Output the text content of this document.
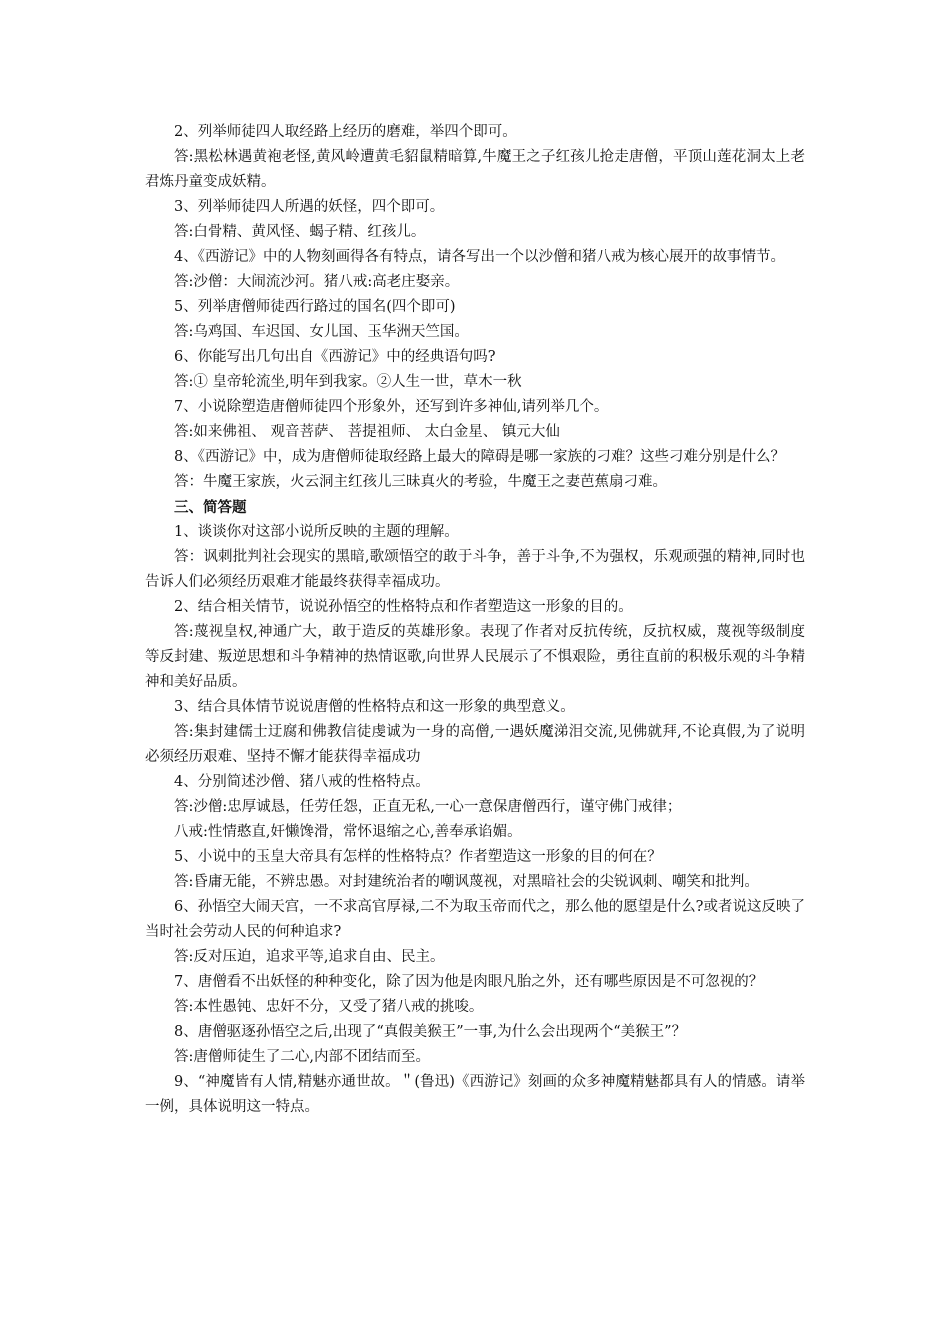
2、列举师徒四人取经路上经历的磨难，举四个即可。

答:黑松林遇黄袍老怪,黄风岭遭黄毛貂鼠精暗算,牛魔王之子红孩儿抢走唐僧，平顶山莲花洞太上老君炼丹童变成妖精。

3、列举师徒四人所遇的妖怪，四个即可。

答:白骨精、黄风怪、蝎子精、红孩儿。

4、《西游记》中的人物刻画得各有特点，请各写出一个以沙僧和猪八戒为核心展开的故事情节。

答:沙僧：大闹流沙河。猪八戒:高老庄娶亲。

5、列举唐僧师徒西行路过的国名(四个即可)

答:乌鸡国、车迟国、女儿国、玉华洲天竺国。

6、你能写出几句出自《西游记》中的经典语句吗?

答:① 皇帝轮流坐,明年到我家。②人生一世，草木一秋

7、小说除塑造唐僧师徒四个形象外，还写到许多神仙,请列举几个。

答:如来佛祖、 观音菩萨、 菩提祖师、 太白金星、 镇元大仙

8、《西游记》中，成为唐僧师徒取经路上最大的障碍是哪一家族的刁难？这些刁难分别是什么？

答：牛魔王家族，火云洞主红孩儿三昧真火的考验，牛魔王之妻芭蕉扇刁难。

三、简答题

1、谈谈你对这部小说所反映的主题的理解。

答：讽刺批判社会现实的黑暗,歌颂悟空的敢于斗争，善于斗争,不为强权，乐观顽强的精神,同时也告诉人们必须经历艰难才能最终获得幸福成功。

2、结合相关情节，说说孙悟空的性格特点和作者塑造这一形象的目的。

答:蔑视皇权,神通广大，敢于造反的英雄形象。表现了作者对反抗传统，反抗权威，蔑视等级制度等反封建、叛逆思想和斗争精神的热情讴歌,向世界人民展示了不惧艰险，勇往直前的积极乐观的斗争精神和美好品质。

3、结合具体情节说说唐僧的性格特点和这一形象的典型意义。

答:集封建儒士迂腐和佛教信徒虔诚为一身的高僧,一遇妖魔涕泪交流,见佛就拜,不论真假,为了说明必须经历艰难、坚持不懈才能获得幸福成功

4、分别简述沙僧、猪八戒的性格特点。

答:沙僧:忠厚诚恳，任劳任怨，正直无私,一心一意保唐僧西行，谨守佛门戒律；

八戒:性情憨直,奸懒馋滑，常怀退缩之心,善奉承谄媚。

5、小说中的玉皇大帝具有怎样的性格特点？作者塑造这一形象的目的何在？

答:昏庸无能，不辨忠愚。对封建统治者的嘲讽蔑视，对黑暗社会的尖锐讽刺、嘲笑和批判。

6、孙悟空大闹天宫，一不求高官厚禄,二不为取玉帝而代之，那么他的愿望是什么?或者说这反映了当时社会劳动人民的何种追求?

答:反对压迫，追求平等,追求自由、民主。

7、唐僧看不出妖怪的种种变化，除了因为他是肉眼凡胎之外，还有哪些原因是不可忽视的？

答:本性愚钝、忠奸不分，又受了猪八戒的挑唆。

8、唐僧驱逐孙悟空之后,出现了“真假美猴王”一事,为什么会出现两个“美猴王”？

答:唐僧师徒生了二心,内部不团结而至。

9、“神魔皆有人情,精魅亦通世故。＂(鲁迅)《西游记》刻画的众多神魔精魅都具有人的情感。请举一例，具体说明这一特点。
